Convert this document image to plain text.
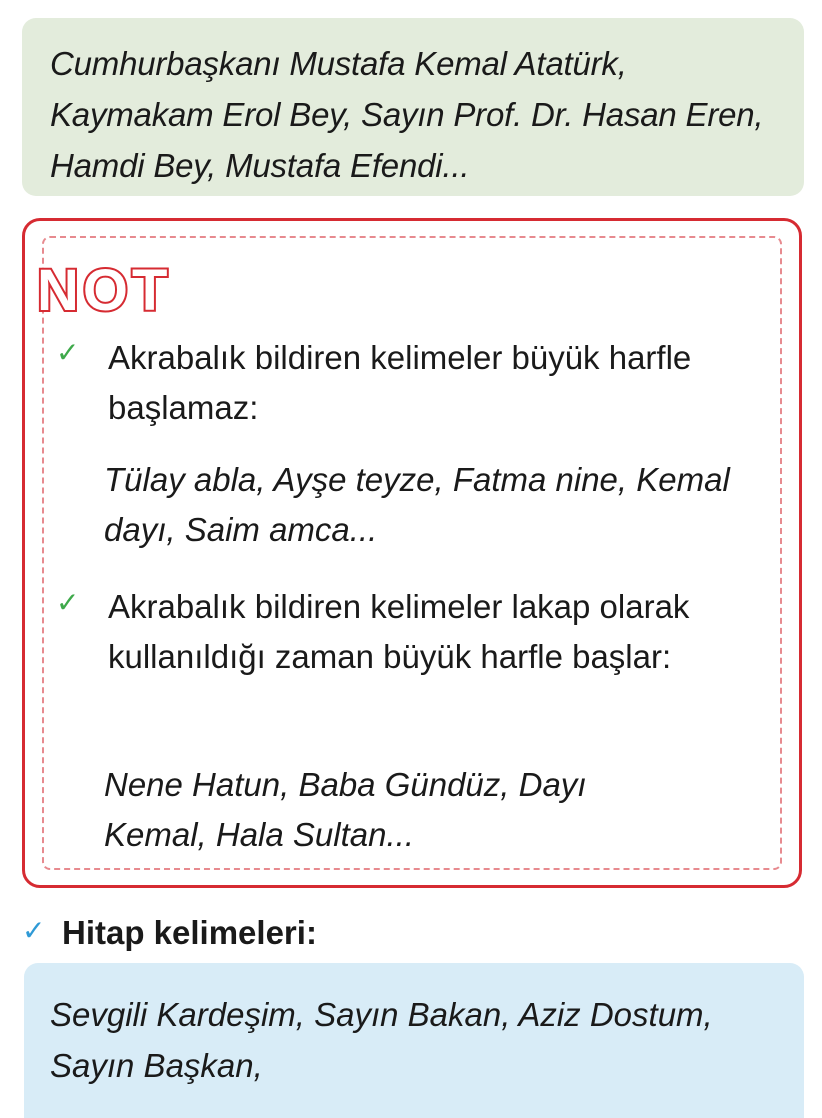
Cumhurbaşkanı Mustafa Kemal Atatürk, Kaymakam Erol Bey, Sayın Prof. Dr. Hasan Eren, Hamdi Bey, Mustafa Efendi...

NOT
✓ Akrabalık bildiren kelimeler büyük harfle başlamaz:

Tülay abla, Ayşe teyze, Fatma nine, Kemal dayı, Saim amca...

✓ Akrabalık bildiren kelimeler lakap olarak kullanıldığı zaman büyük harfle başlar:

Nene Hatun, Baba Gündüz, Dayı Kemal, Hala Sultan...

✓ Hitap kelimeleri:

Sevgili Kardeşim, Sayın Bakan, Aziz Dostum, Sayın Başkan,
